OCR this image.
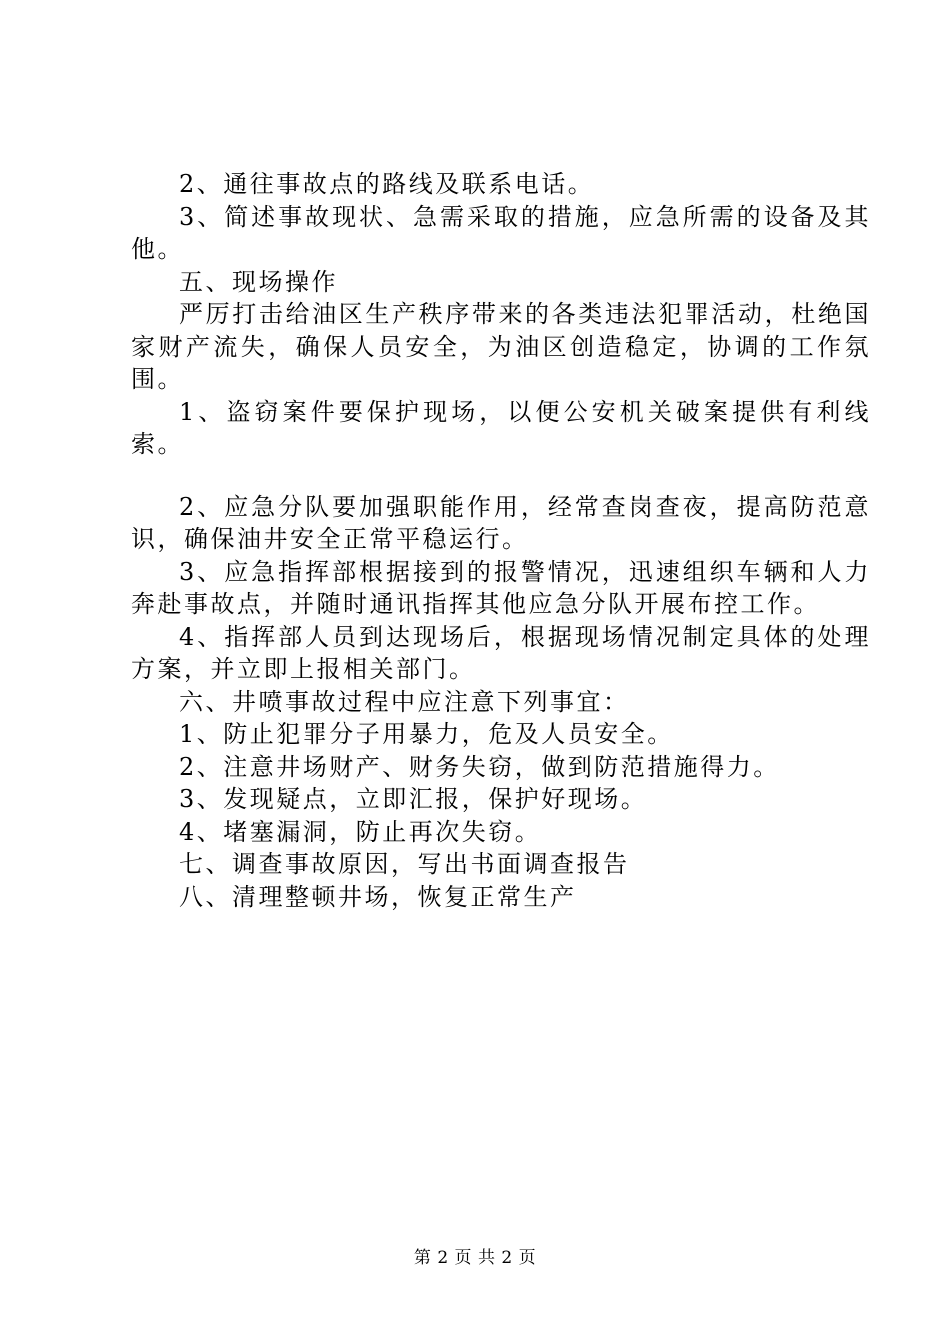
2、通往事故点的路线及联系电话。

3、简述事故现状、急需采取的措施，应急所需的设备及其他。

五、现场操作

严厉打击给油区生产秩序带来的各类违法犯罪活动，杜绝国家财产流失，确保人员安全，为油区创造稳定，协调的工作氛围。

1、盗窃案件要保护现场，以便公安机关破案提供有利线索。

2、应急分队要加强职能作用，经常查岗查夜，提高防范意识，确保油井安全正常平稳运行。

3、应急指挥部根据接到的报警情况，迅速组织车辆和人力奔赴事故点，并随时通讯指挥其他应急分队开展布控工作。

4、指挥部人员到达现场后，根据现场情况制定具体的处理方案，并立即上报相关部门。

六、井喷事故过程中应注意下列事宜：

1、防止犯罪分子用暴力，危及人员安全。

2、注意井场财产、财务失窃，做到防范措施得力。

3、发现疑点，立即汇报，保护好现场。

4、堵塞漏洞，防止再次失窃。

七、调查事故原因，写出书面调查报告

八、清理整顿井场，恢复正常生产

第 2 页 共 2 页
